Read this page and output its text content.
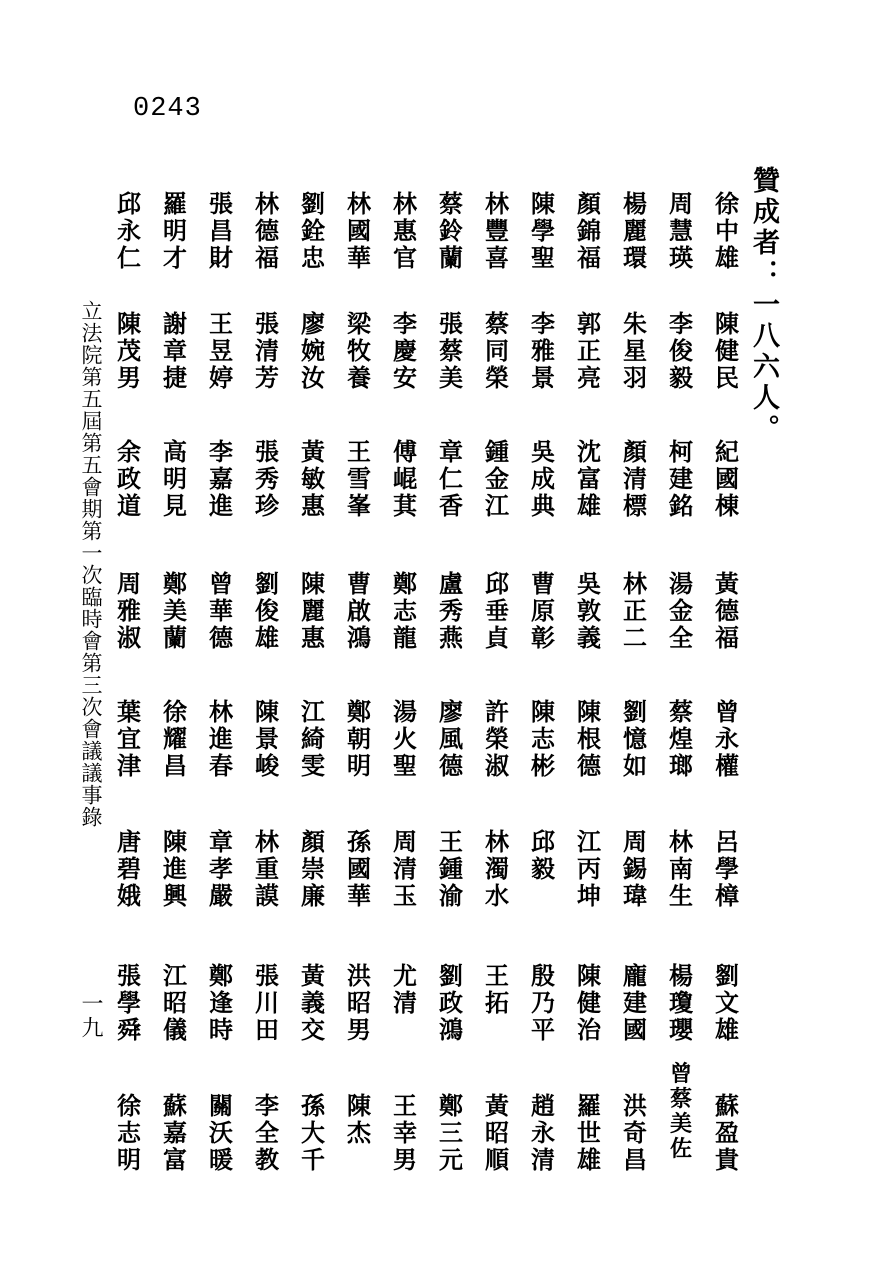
0243
贊成者：一八六人。
立法院第五屆第五會期第一次臨時會第三次會議議事錄
一九
徐中雄
陳健民
紀國棟
黃德福
曾永權
呂學樟
劉文雄
蘇盈貴
周慧瑛
李俊毅
柯建銘
湯金全
蔡煌瑯
林南生
楊瓊瓔
曾蔡美佐
楊麗環
朱星羽
顏清標
林正二
劉憶如
周錫瑋
龐建國
洪奇昌
顏錦福
郭正亮
沈富雄
吳敦義
陳根德
江丙坤
陳健治
羅世雄
陳學聖
李雅景
吳成典
曹原彰
陳志彬
邱　毅
殷乃平
趙永清
林豐喜
蔡同榮
鍾金江
邱垂貞
許榮淑
林濁水
王　拓
黃昭順
蔡鈴蘭
張蔡美
章仁香
盧秀燕
廖風德
王鍾渝
劉政鴻
鄭三元
林惠官
李慶安
傅崐萁
鄭志龍
湯火聖
周清玉
尤　清
王幸男
林國華
梁牧養
王雪峯
曹啟鴻
鄭朝明
孫國華
洪昭男
陳　杰
劉銓忠
廖婉汝
黃敏惠
陳麗惠
江綺雯
顏崇廉
黃義交
孫大千
林德福
張清芳
張秀珍
劉俊雄
陳景峻
林重謨
張川田
李全教
張昌財
王昱婷
李嘉進
曾華德
林進春
章孝嚴
鄭逢時
關沃暖
羅明才
謝章捷
高明見
鄭美蘭
徐耀昌
陳進興
江昭儀
蘇嘉富
邱永仁
陳茂男
余政道
周雅淑
葉宜津
唐碧娥
張學舜
徐志明
